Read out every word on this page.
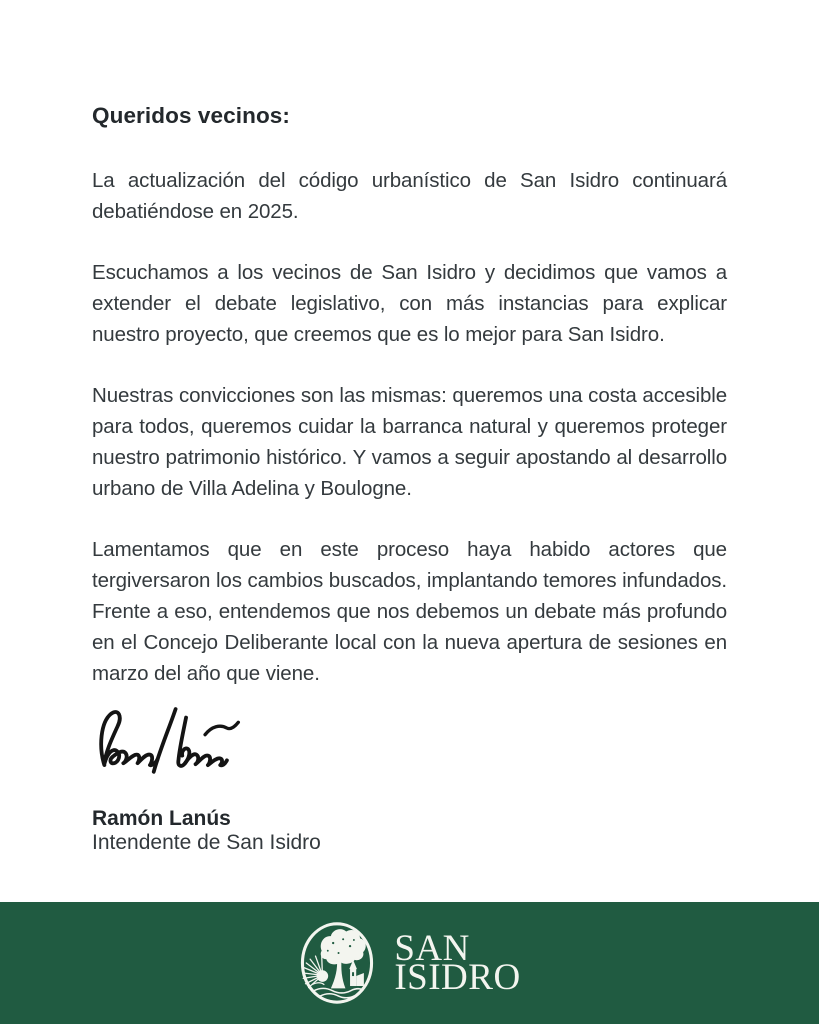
Queridos vecinos:

La actualización del código urbanístico de San Isidro continuará debatiéndose en 2025.

Escuchamos a los vecinos de San Isidro y decidimos que vamos a extender el debate legislativo, con más instancias para explicar nuestro proyecto, que creemos que es lo mejor para San Isidro.

Nuestras convicciones son las mismas: queremos una costa accesible para todos, queremos cuidar la barranca natural y queremos proteger nuestro patrimonio histórico. Y vamos a seguir apostando al desarrollo urbano de Villa Adelina y Boulogne.

Lamentamos que en este proceso haya habido actores que tergiversaron los cambios buscados, implantando temores infundados. Frente a eso, entendemos que nos debemos un debate más profundo en el Concejo Deliberante local con la nueva apertura de sesiones en marzo del año que viene.

Ramón Lanús
Intendente de San Isidro
SAN
ISIDRO
